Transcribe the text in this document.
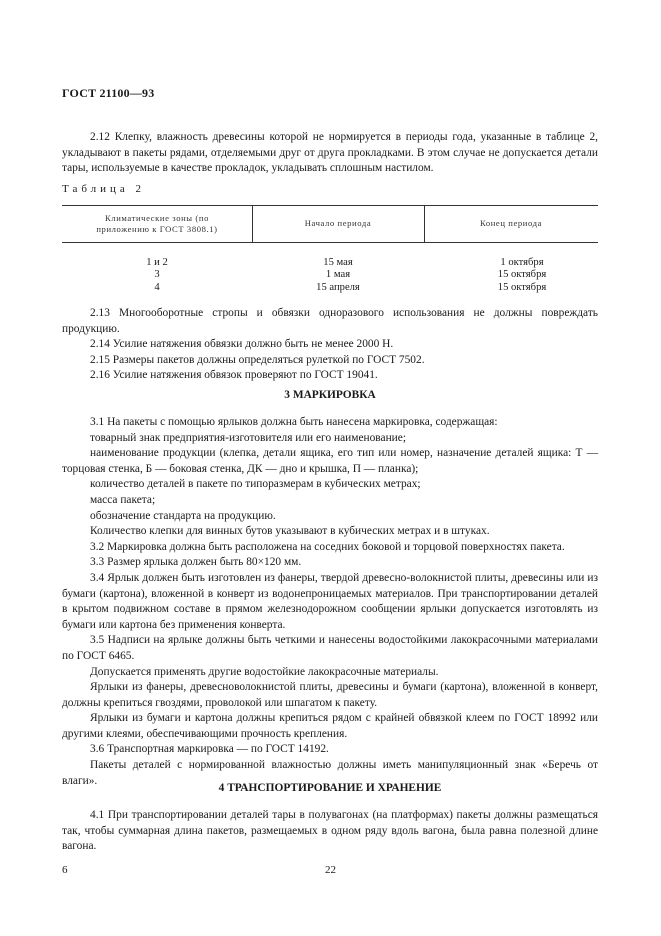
ГОСТ 21100—93

2.12 Клепку, влажность древесины которой не нормируется в периоды года, указанные в таблице 2, укладывают в пакеты рядами, отделяемыми друг от друга прокладками. В этом случае не допускается детали тары, используемые в качестве прокладок, укладывать сплошным настилом.

Таблица 2
Климатические зоны (по приложению к ГОСТ 3808.1)
Начало периода	Конец периода
1 и 2
3
4
15 мая
1 мая
15 апреля
1 октября
15 октября
15 октября

2.13 Многооборотные стропы и обвязки одноразового использования не должны повреждать продукцию.

2.14 Усилие натяжения обвязки должно быть не менее 2000 Н.

2.15 Размеры пакетов должны определяться рулеткой по ГОСТ 7502.

2.16 Усилие натяжения обвязок проверяют по ГОСТ 19041.

3 МАРКИРОВКА

3.1 На пакеты с помощью ярлыков должна быть нанесена маркировка, содержащая:

товарный знак предприятия-изготовителя или его наименование;

наименование продукции (клепка, детали ящика, его тип или номер, назначение деталей ящика: Т — торцовая стенка, Б — боковая стенка, ДК — дно и крышка, П — планка);

количество деталей в пакете по типоразмерам в кубических метрах;

масса пакета;

обозначение стандарта на продукцию.

Количество клепки для винных бутов указывают в кубических метрах и в штуках.

3.2 Маркировка должна быть расположена на соседних боковой и торцовой поверхностях пакета.

3.3 Размер ярлыка должен быть 80×120 мм.

3.4 Ярлык должен быть изготовлен из фанеры, твердой древесно-волокнистой плиты, древесины или из бумаги (картона), вложенной в конверт из водонепроницаемых материалов. При транспортировании деталей в крытом подвижном составе в прямом железнодорожном сообщении ярлыки допускается изготовлять из бумаги или картона без применения конверта.

3.5 Надписи на ярлыке должны быть четкими и нанесены водостойкими лакокрасочными материалами по ГОСТ 6465.

Допускается применять другие водостойкие лакокрасочные материалы.

Ярлыки из фанеры, древесноволокнистой плиты, древесины и бумаги (картона), вложенной в конверт, должны крепиться гвоздями, проволокой или шпагатом к пакету.

Ярлыки из бумаги и картона должны крепиться рядом с крайней обвязкой клеем по ГОСТ 18992 или другими клеями, обеспечивающими прочность крепления.

3.6 Транспортная маркировка — по ГОСТ 14192.

Пакеты деталей с нормированной влажностью должны иметь манипуляционный знак «Беречь от влаги».

4 ТРАНСПОРТИРОВАНИЕ И ХРАНЕНИЕ

4.1 При транспортировании деталей тары в полувагонах (на платформах) пакеты должны размещаться так, чтобы суммарная длина пакетов, размещаемых в одном ряду вдоль вагона, была равна полезной длине вагона.

6	22
